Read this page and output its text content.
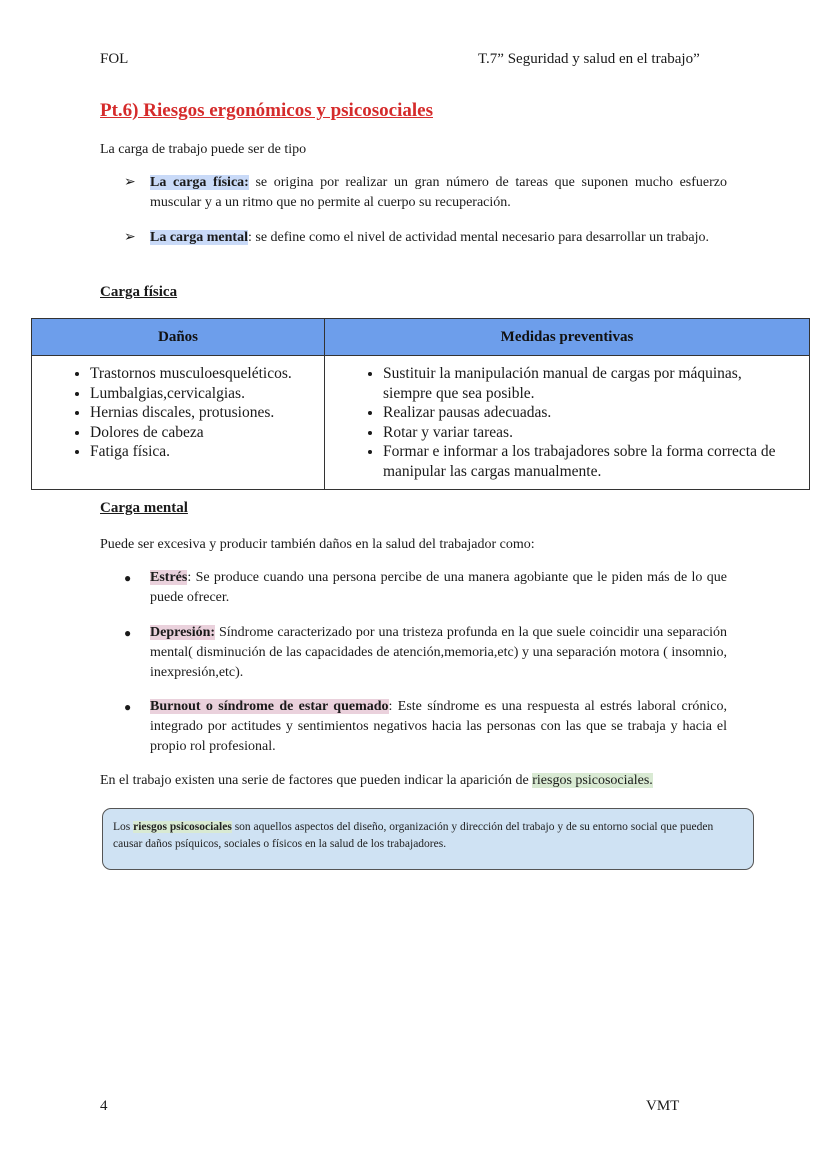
FOL	T.7” Seguridad y salud en el trabajo”
Pt.6) Riesgos ergonómicos y psicosociales
La carga de trabajo puede ser de tipo
➢ La carga física: se origina por realizar un gran número de tareas que suponen mucho esfuerzo muscular y a un ritmo que no permite al cuerpo su recuperación.
➢ La carga mental: se define como el nivel de actividad mental necesario para desarrollar un trabajo.
Carga física
Daños	Medidas preventivas

• Trastornos musculoesqueléticos.
• Lumbalgias,cervicalgias.
• Hernias discales, protusiones.
• Dolores de cabeza
• Fatiga física.

• Sustituir la manipulación manual de cargas por máquinas, siempre que sea posible.
• Realizar pausas adecuadas.
• Rotar y variar tareas.
• Formar e informar a los trabajadores sobre la forma correcta de manipular las cargas manualmente.
Carga mental
Puede ser excesiva y producir también daños en la salud del trabajador como:
● Estrés: Se produce cuando una persona percibe de una manera agobiante que le piden más de lo que puede ofrecer.
● Depresión: Síndrome caracterizado por una tristeza profunda en la que suele coincidir una separación mental( disminución de las capacidades de atención,memoria,etc) y una separación motora ( insomnio, inexpresión,etc).
● Burnout o síndrome de estar quemado: Este síndrome es una respuesta al estrés laboral crónico, integrado por actitudes y sentimientos negativos hacia las personas con las que se trabaja y hacia el propio rol profesional.
En el trabajo existen una serie de factores que pueden indicar la aparición de riesgos psicosociales.
Los riesgos psicosociales son aquellos aspectos del diseño, organización y dirección del trabajo y de su entorno social que pueden causar daños psíquicos, sociales o físicos en la salud de los trabajadores.
4	VMT
